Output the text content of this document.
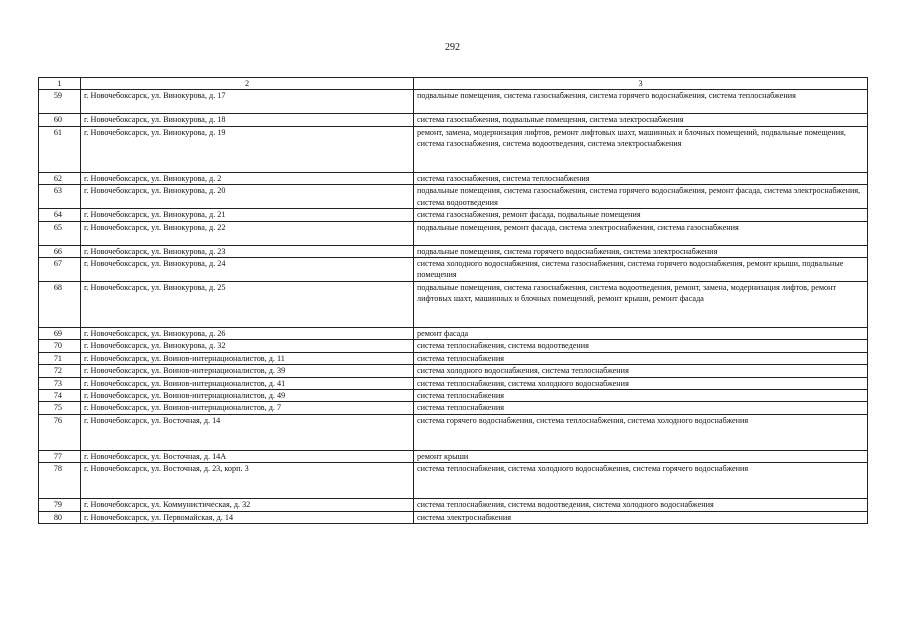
292
1	2	3
59	г. Новочебоксарск, ул. Винокурова, д. 17	подвальные помещения, система газоснабжения, система горячего водоснабжения, система теплоснабжения
60	г. Новочебоксарск, ул. Винокурова, д. 18	система газоснабжения, подвальные помещения, система электроснабжения
61	г. Новочебоксарск, ул. Винокурова, д. 19	ремонт, замена, модернизация лифтов, ремонт лифтовых шахт, машинных и блочных помещений, подвальные помещения, система газоснабжения, система водоотведения, система электроснабжения
62	г. Новочебоксарск, ул. Винокурова, д. 2	система газоснабжения, система теплоснабжения
63	г. Новочебоксарск, ул. Винокурова, д. 20	подвальные помещения, система газоснабжения, система горячего водоснабжения, ремонт фасада, система электроснабжения, система водоотведения
64	г. Новочебоксарск, ул. Винокурова, д. 21	система газоснабжения, ремонт фасада, подвальные помещения
65	г. Новочебоксарск, ул. Винокурова, д. 22	подвальные помещения, ремонт фасада, система электроснабжения, система газоснабжения
66	г. Новочебоксарск, ул. Винокурова, д. 23	подвальные помещения, система горячего водоснабжения, система электроснабжения
67	г. Новочебоксарск, ул. Винокурова, д. 24	система холодного водоснабжения, система газоснабжения, система горячего водоснабжения, ремонт крыши, подвальные помещения
68	г. Новочебоксарск, ул. Винокурова, д. 25	подвальные помещения, система газоснабжения, система водоотведения, ремонт, замена, модернизация лифтов, ремонт лифтовых шахт, машинных и блочных помещений, ремонт крыши, ремонт фасада
69	г. Новочебоксарск, ул. Винокурова, д. 26	ремонт фасада
70	г. Новочебоксарск, ул. Винокурова, д. 32	система теплоснабжения, система водоотведения
71	г. Новочебоксарск, ул. Воинов-интернационалистов, д. 11	система теплоснабжения
72	г. Новочебоксарск, ул. Воинов-интернационалистов, д. 39	система холодного водоснабжения, система теплоснабжения
73	г. Новочебоксарск, ул. Воинов-интернационалистов, д. 41	система теплоснабжения, система холодного водоснабжения
74	г. Новочебоксарск, ул. Воинов-интернационалистов, д. 49	система теплоснабжения
75	г. Новочебоксарск, ул. Воинов-интернационалистов, д. 7	система теплоснабжения
76	г. Новочебоксарск, ул. Восточная, д. 14	система горячего водоснабжения, система теплоснабжения, система холодного водоснабжения
77	г. Новочебоксарск, ул. Восточная, д. 14А	ремонт крыши
78	г. Новочебоксарск, ул. Восточная, д. 23, корп. 3	система теплоснабжения, система холодного водоснабжения, система горячего водоснабжения
79	г. Новочебоксарск, ул. Коммунистическая, д. 32	система теплоснабжения, система водоотведения, система холодного водоснабжения
80	г. Новочебоксарск, ул. Первомайская, д. 14	система электроснабжения
